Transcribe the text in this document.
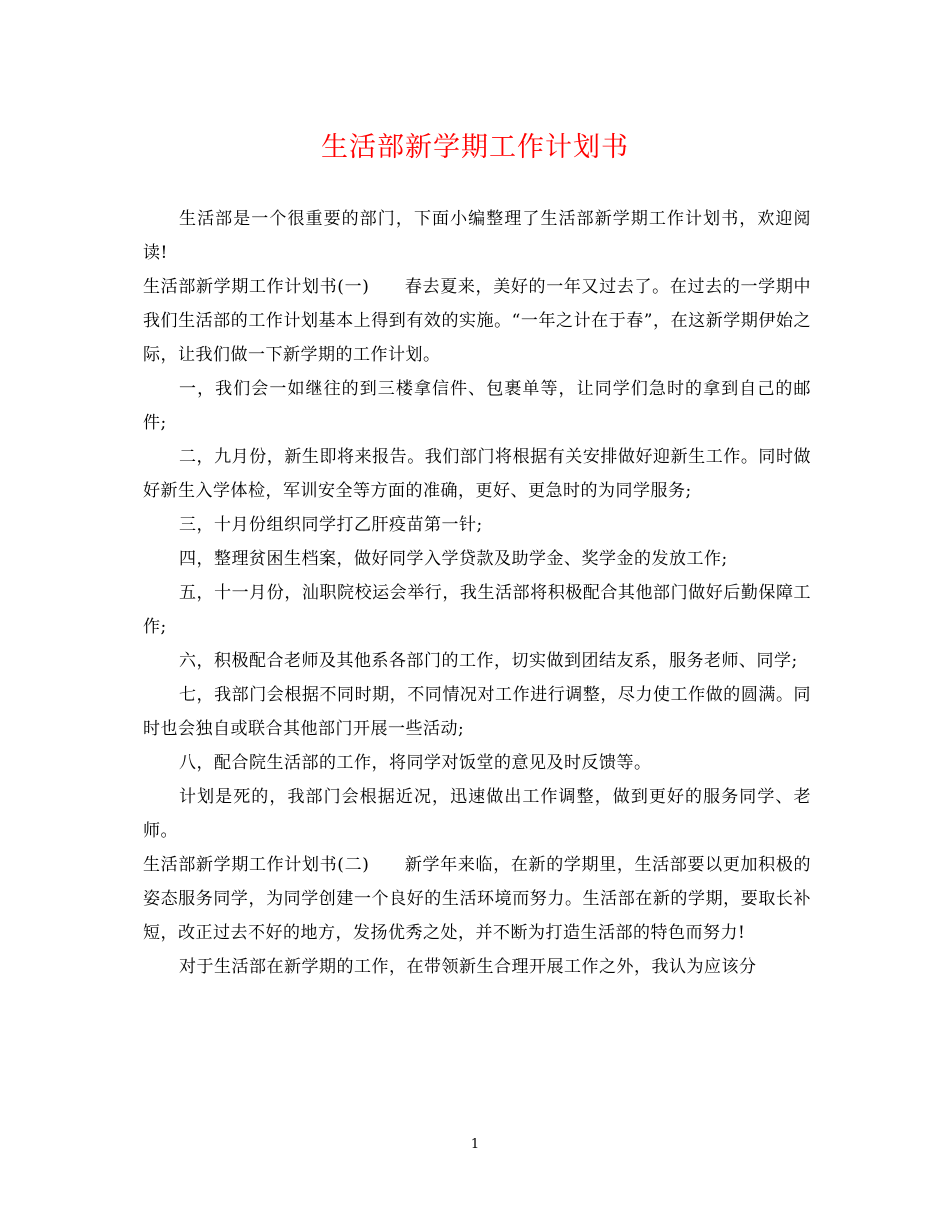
生活部新学期工作计划书

生活部是一个很重要的部门，下面小编整理了生活部新学期工作计划书，欢迎阅读!

生活部新学期工作计划书(一)　　春去夏来，美好的一年又过去了。在过去的一学期中我们生活部的工作计划基本上得到有效的实施。“一年之计在于春”，在这新学期伊始之际，让我们做一下新学期的工作计划。

一，我们会一如继往的到三楼拿信件、包裹单等，让同学们急时的拿到自己的邮件;

二，九月份，新生即将来报告。我们部门将根据有关安排做好迎新生工作。同时做好新生入学体检，军训安全等方面的准确，更好、更急时的为同学服务;

三，十月份组织同学打乙肝疫苗第一针;

四，整理贫困生档案，做好同学入学贷款及助学金、奖学金的发放工作;

五，十一月份，汕职院校运会举行，我生活部将积极配合其他部门做好后勤保障工作;

六，积极配合老师及其他系各部门的工作，切实做到团结友系，服务老师、同学;

七，我部门会根据不同时期，不同情况对工作进行调整，尽力使工作做的圆满。同时也会独自或联合其他部门开展一些活动;

八，配合院生活部的工作，将同学对饭堂的意见及时反馈等。

计划是死的，我部门会根据近况，迅速做出工作调整，做到更好的服务同学、老师。

生活部新学期工作计划书(二)　　新学年来临，在新的学期里，生活部要以更加积极的姿态服务同学，为同学创建一个良好的生活环境而努力。生活部在新的学期，要取长补短，改正过去不好的地方，发扬优秀之处，并不断为打造生活部的特色而努力!

对于生活部在新学期的工作，在带领新生合理开展工作之外，我认为应该分

1
